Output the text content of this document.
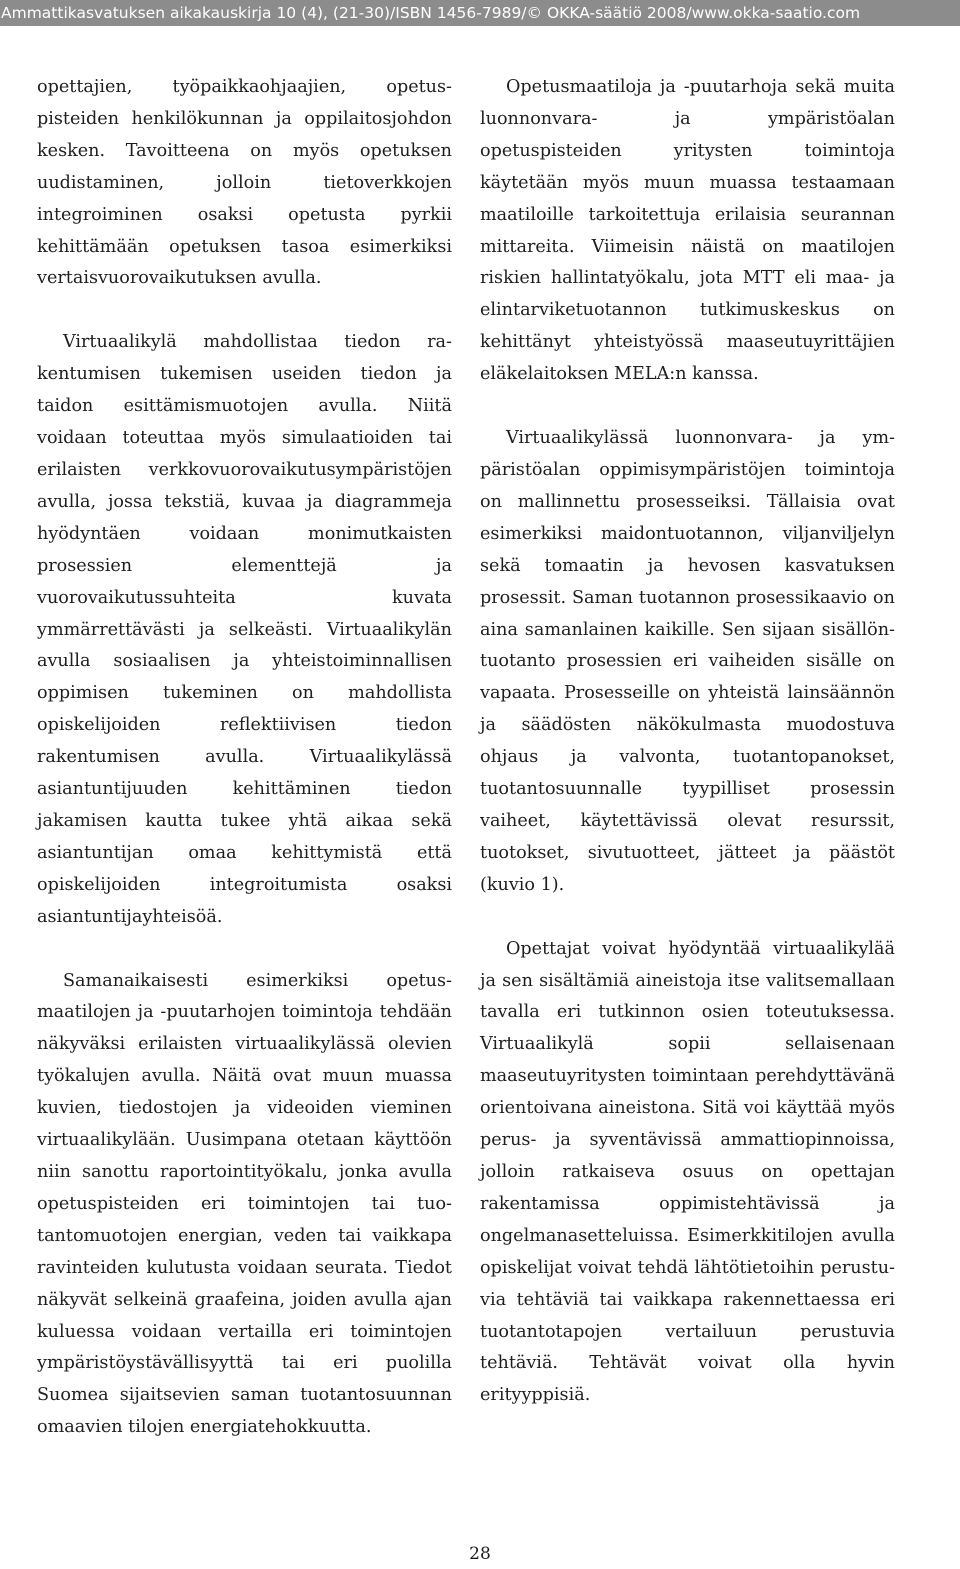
Ammattikasvatuksen aikakauskirja 10 (4), (21-30)/ISBN 1456-7989/© OKKA-säätiö 2008/www.okka-saatio.com

opettajien, työpaikkaohjaajien, opetuspisteiden henkilökunnan ja oppilaitosjohdon kesken. Tavoitteena on myös opetuksen uudistaminen, jolloin tietoverkkojen integroiminen osaksi opetusta pyrkii kehittämään opetuksen tasoa esimerkiksi vertaisvuorovaikutuksen avulla.

Virtuaalikylä mahdollistaa tiedon rakentumisen tukemisen useiden tiedon ja taidon esittämismuotojen avulla. Niitä voidaan toteuttaa myös simulaatioiden tai erilaisten verkkovuorovaikutusympäristöjen avulla, jossa tekstiä, kuvaa ja diagrammeja hyödyntäen voidaan monimutkaisten prosessien elementtejä ja vuorovaikutussuhteita kuvata ymmärrettävästi ja selkeästi. Virtuaalikylän avulla sosiaalisen ja yhteistoiminnallisen oppimisen tukeminen on mahdollista opiskelijoiden reflektiivisen tiedon rakentumisen avulla. Virtuaalikylässä asiantuntijuuden kehittäminen tiedon jakamisen kautta tukee yhtä aikaa sekä asiantuntijan omaa kehittymistä että opiskelijoiden integroitumista osaksi asiantuntijayhteisöä.

Samanaikaisesti esimerkiksi opetusmaatilojen ja -puutarhojen toimintoja tehdään näkyväksi erilaisten virtuaalikylässä olevien työkalujen avulla. Näitä ovat muun muassa kuvien, tiedostojen ja videoiden vieminen virtuaalikylään. Uusimpana otetaan käyttöön niin sanottu raportointityökalu, jonka avulla opetuspisteiden eri toimintojen tai tuotantomuotojen energian, veden tai vaikkapa ravinteiden kulutusta voidaan seurata. Tiedot näkyvät selkeinä graafeina, joiden avulla ajan kuluessa voidaan vertailla eri toimintojen ympäristöystävällisyyttä tai eri puolilla Suomea sijaitsevien saman tuotantosuunnan omaavien tilojen energiatehokkuutta.

Opetusmaatiloja ja -puutarhoja sekä muita luonnonvara- ja ympäristöalan opetuspisteiden yritysten toimintoja käytetään myös muun muassa testaamaan maatiloille tarkoitettuja erilaisia seurannan mittareita. Viimeisin näistä on maatilojen riskien hallintatyökalu, jota MTT eli maa- ja elintarviketuotannon tutkimuskeskus on kehittänyt yhteistyössä maaseutuyrittäjien eläkelaitoksen MELA:n kanssa.

Virtuaalikylässä luonnonvara- ja ympäristöalan oppimisympäristöjen toimintoja on mallinnettu prosesseiksi. Tällaisia ovat esimerkiksi maidontuotannon, viljanviljelyn sekä tomaatin ja hevosen kasvatuksen prosessit. Saman tuotannon prosessikaavio on aina samanlainen kaikille. Sen sijaan sisällöntuotanto prosessien eri vaiheiden sisälle on vapaata. Prosesseille on yhteistä lainsäännön ja säädösten näkökulmasta muodostuva ohjaus ja valvonta, tuotantopanokset, tuotantosuunnalle tyypilliset prosessin vaiheet, käytettävissä olevat resurssit, tuotokset, sivutuotteet, jätteet ja päästöt (kuvio 1).

Opettajat voivat hyödyntää virtuaalikylää ja sen sisältämiä aineistoja itse valitsemallaan tavalla eri tutkinnon osien toteutuksessa. Virtuaalikylä sopii sellaisenaan maaseutuyritysten toimintaan perehdyttävänä orientoivana aineistona. Sitä voi käyttää myös perus- ja syventävissä ammattiopinnoissa, jolloin ratkaiseva osuus on opettajan rakentamissa oppimistehtävissä ja ongelmanasetteluissa. Esimerkkitilojen avulla opiskelijat voivat tehdä lähtötietoihin perustuvia tehtäviä tai vaikkapa rakennettaessa eri tuotantotapojen vertailuun perustuvia tehtäviä. Tehtävät voivat olla hyvin erityyppisiä.

28
